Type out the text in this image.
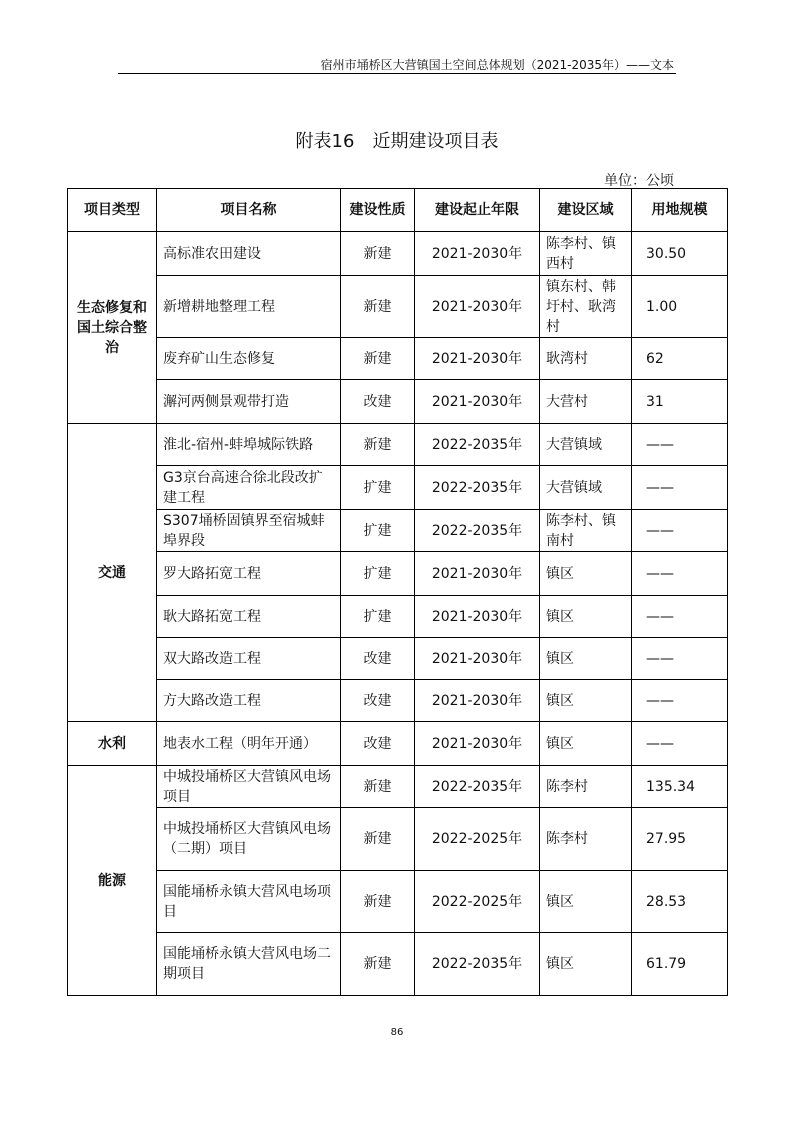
宿州市埇桥区大营镇国土空间总体规划（2021-2035年）——文本
附表16　近期建设项目表
单位：公顷
项目类型	项目名称	建设性质	建设起止年限	建设区域	用地规模
生态修复和国土综合整治	高标准农田建设	新建	2021-2030年	陈李村、镇西村	30.50
	新增耕地整理工程	新建	2021-2030年	镇东村、韩圩村、耿湾村	1.00
	废弃矿山生态修复	新建	2021-2030年	耿湾村	62
	澥河两侧景观带打造	改建	2021-2030年	大营村	31
交通	淮北-宿州-蚌埠城际铁路	新建	2022-2035年	大营镇域	——
	G3京台高速合徐北段改扩建工程	扩建	2022-2035年	大营镇域	——
	S307埇桥固镇界至宿城蚌埠界段	扩建	2022-2035年	陈李村、镇南村	——
	罗大路拓宽工程	扩建	2021-2030年	镇区	——
	耿大路拓宽工程	扩建	2021-2030年	镇区	——
	双大路改造工程	改建	2021-2030年	镇区	——
	方大路改造工程	改建	2021-2030年	镇区	——
水利	地表水工程（明年开通）	改建	2021-2030年	镇区	——
能源	中城投埇桥区大营镇风电场项目	新建	2022-2035年	陈李村	135.34
	中城投埇桥区大营镇风电场（二期）项目	新建	2022-2025年	陈李村	27.95
	国能埇桥永镇大营风电场项目	新建	2022-2025年	镇区	28.53
	国能埇桥永镇大营风电场二期项目	新建	2022-2035年	镇区	61.79
86
